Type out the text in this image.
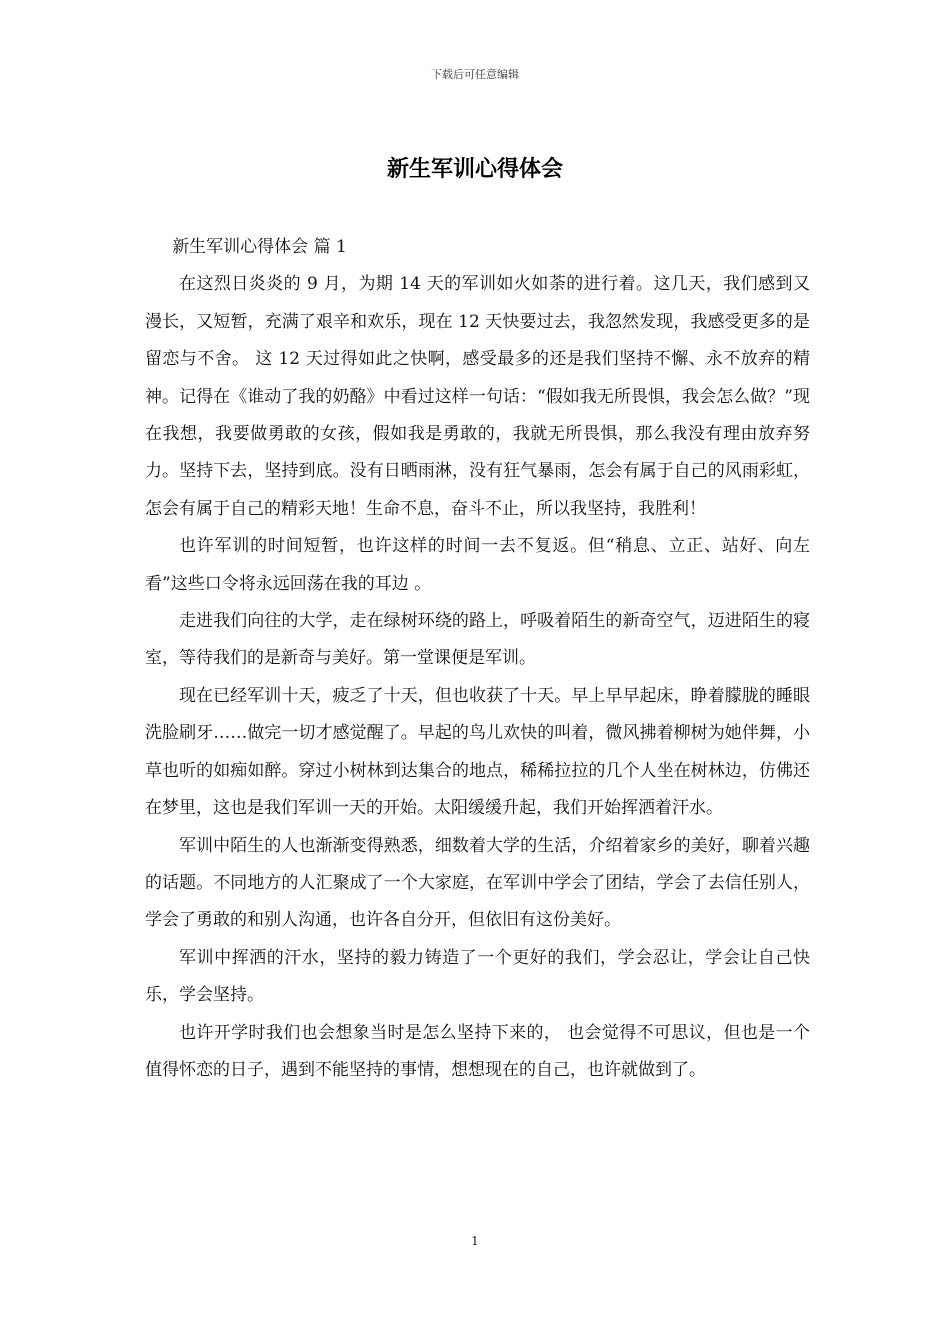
下载后可任意编辑
新生军训心得体会

新生军训心得体会 篇 1

在这烈日炎炎的 9 月，为期 14 天的军训如火如荼的进行着。这几天，我们感到又漫长，又短暂，充满了艰辛和欢乐，现在 12 天快要过去，我忽然发现，我感受更多的是留恋与不舍。 这 12 天过得如此之快啊，感受最多的还是我们坚持不懈、永不放弃的精神。记得在《谁动了我的奶酪》中看过这样一句话：“假如我无所畏惧，我会怎么做？”现在我想，我要做勇敢的女孩，假如我是勇敢的，我就无所畏惧，那么我没有理由放弃努力。坚持下去，坚持到底。没有日晒雨淋，没有狂气暴雨，怎会有属于自己的风雨彩虹，怎会有属于自己的精彩天地！生命不息，奋斗不止，所以我坚持，我胜利！

也许军训的时间短暂，也许这样的时间一去不复返。但“稍息、立正、站好、向左看”这些口令将永远回荡在我的耳边 。

走进我们向往的大学，走在绿树环绕的路上，呼吸着陌生的新奇空气，迈进陌生的寝室，等待我们的是新奇与美好。第一堂课便是军训。

现在已经军训十天，疲乏了十天，但也收获了十天。早上早早起床，睁着朦胧的睡眼洗脸刷牙……做完一切才感觉醒了。早起的鸟儿欢快的叫着，微风拂着柳树为她伴舞，小草也听的如痴如醉。穿过小树林到达集合的地点，稀稀拉拉的几个人坐在树林边，仿佛还在梦里，这也是我们军训一天的开始。太阳缓缓升起，我们开始挥洒着汗水。

军训中陌生的人也渐渐变得熟悉，细数着大学的生活，介绍着家乡的美好，聊着兴趣的话题。不同地方的人汇聚成了一个大家庭，在军训中学会了团结，学会了去信任别人，学会了勇敢的和别人沟通，也许各自分开，但依旧有这份美好。

军训中挥洒的汗水，坚持的毅力铸造了一个更好的我们，学会忍让，学会让自己快乐，学会坚持。

也许开学时我们也会想象当时是怎么坚持下来的， 也会觉得不可思议，但也是一个值得怀恋的日子，遇到不能坚持的事情，想想现在的自己，也许就做到了。

1
